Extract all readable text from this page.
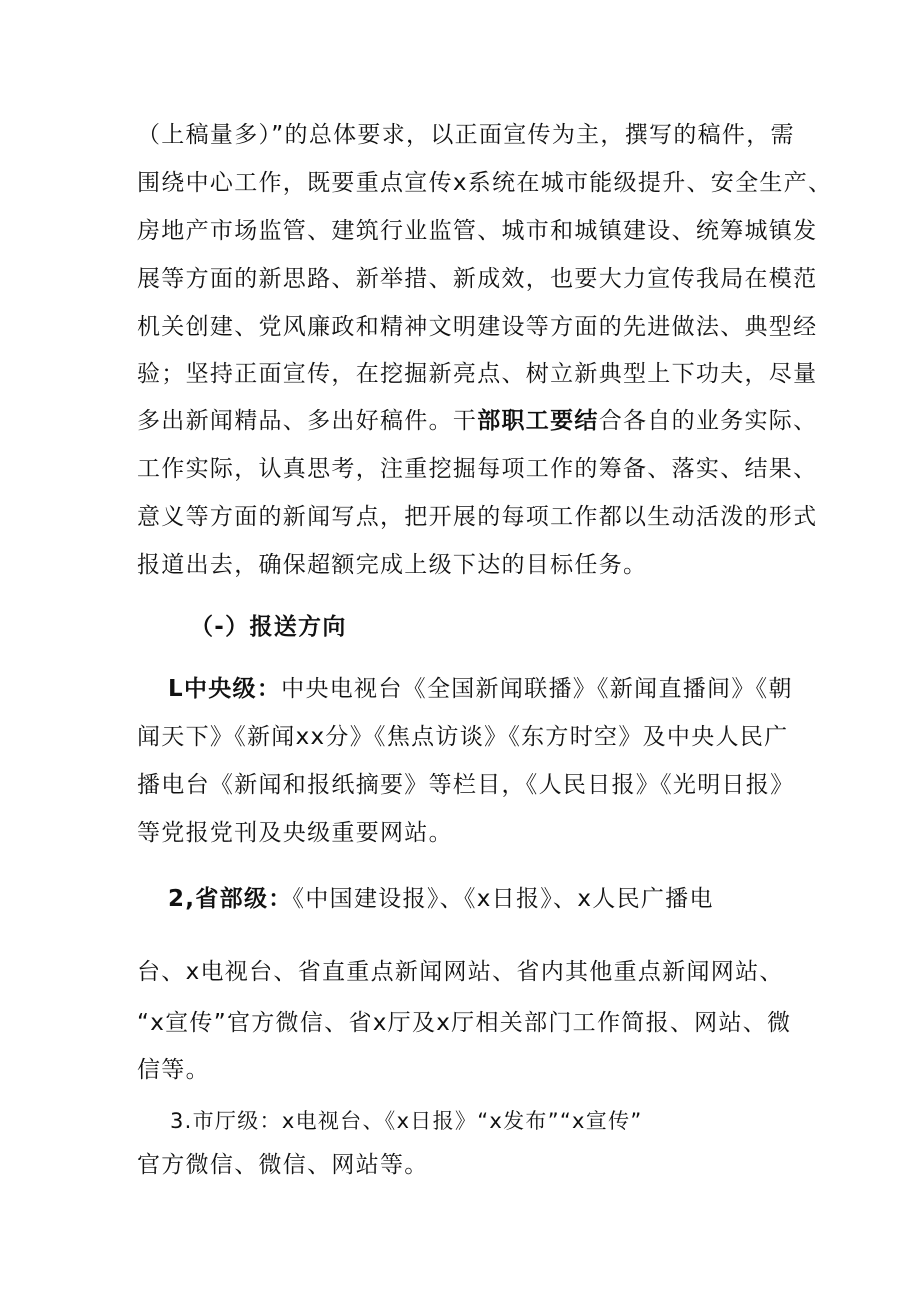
（上稿量多）”的总体要求，以正面宣传为主，撰写的稿件，需
围绕中心工作，既要重点宣传x系统在城市能级提升、安全生产、
房地产市场监管、建筑行业监管、城市和城镇建设、统筹城镇发
展等方面的新思路、新举措、新成效，也要大力宣传我局在模范
机关创建、党风廉政和精神文明建设等方面的先进做法、典型经
验；坚持正面宣传，在挖掘新亮点、树立新典型上下功夫，尽量
多出新闻精品、多出好稿件。干部职工要结合各自的业务实际、
工作实际，认真思考，注重挖掘每项工作的筹备、落实、结果、
意义等方面的新闻写点，把开展的每项工作都以生动活泼的形式
报道出去，确保超额完成上级下达的目标任务。
（-）报送方向
L中央级：中央电视台《全国新闻联播》《新闻直播间》《朝
闻天下》《新闻xx分》《焦点访谈》《东方时空》及中央人民广
播电台《新闻和报纸摘要》等栏目，《人民日报》《光明日报》
等党报党刊及央级重要网站。
2,省部级：《中国建设报》、《x日报》、x人民广播电
台、x电视台、省直重点新闻网站、省内其他重点新闻网站、
“x宣传”官方微信、省x厅及x厅相关部门工作简报、网站、微
信等。
3.市厅级：x电视台、《x日报》“x发布”“x宣传”
官方微信、微信、网站等。
